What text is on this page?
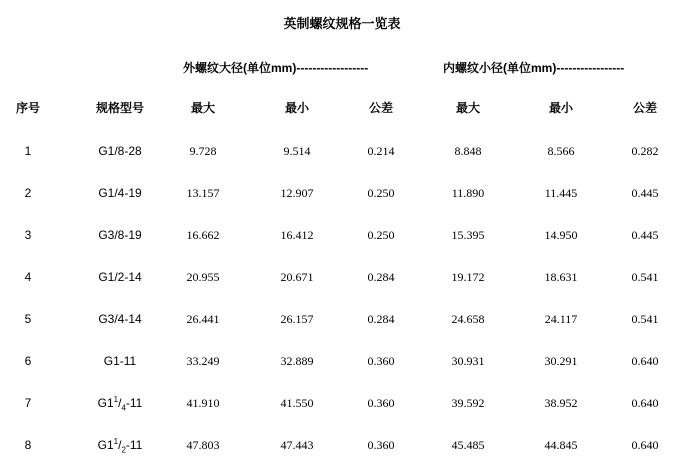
英制螺纹规格一览表
外螺纹大径(单位mm)------------------	内螺纹小径(单位mm)-----------------
序号	规格型号	最大	最小	公差	最大	最小	公差
1	G1/8-28	9.728	9.514	0.214	8.848	8.566	0.282
2	G1/4-19	13.157	12.907	0.250	11.890	11.445	0.445
3	G3/8-19	16.662	16.412	0.250	15.395	14.950	0.445
4	G1/2-14	20.955	20.671	0.284	19.172	18.631	0.541
5	G3/4-14	26.441	26.157	0.284	24.658	24.117	0.541
6	G1-11	33.249	32.889	0.360	30.931	30.291	0.640
7	$G1^1/_4-11$	41.910	41.550	0.360	39.592	38.952	0.640
8	$G1^1/_2-11$	47.803	47.443	0.360	45.485	44.845	0.640
